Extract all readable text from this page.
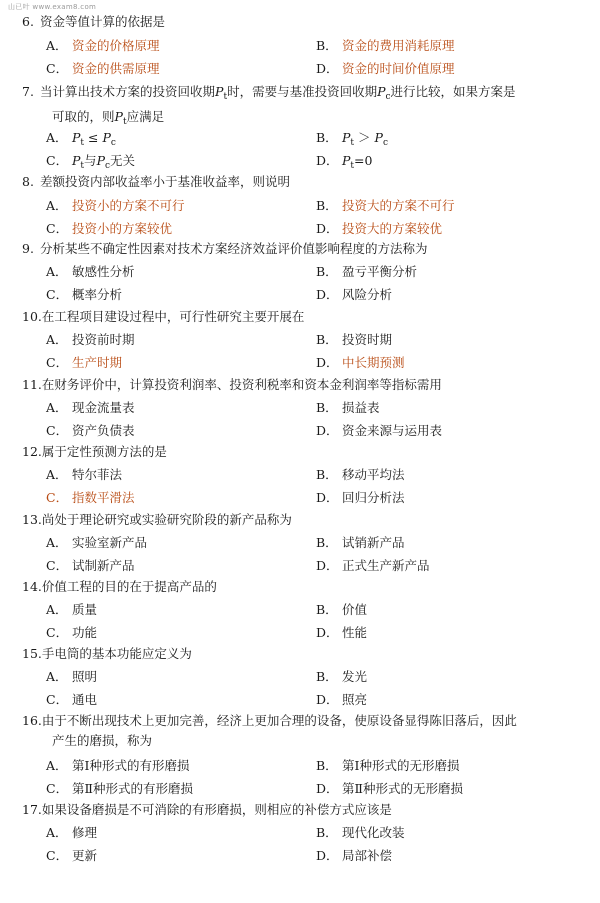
山已叶 www.exam8.com
6. 资金等值计算的依据是
A． 资金的价格原理	B． 资金的费用消耗原理
C． 资金的供需原理	D． 资金的时间价值原理
7. 当计算出技术方案的投资回收期$P_t$时，需要与基准投资回收期$P_c$进行比较，如果方案是
可取的，则$P_t$应满足
A． $P_t \le P_c$	B． $P_t > P_c$
C． $P_t$与$P_c$无关	D． $P_t=0$
8. 差额投资内部收益率小于基准收益率，则说明
A． 投资小的方案不可行	B． 投资大的方案不可行
C． 投资小的方案较优	D． 投资大的方案较优
9. 分析某些不确定性因素对技术方案经济效益评价值影响程度的方法称为
A． 敏感性分析	B． 盈亏平衡分析
C． 概率分析	D． 风险分析
10.在工程项目建设过程中，可行性研究主要开展在
A． 投资前时期	B． 投资时期
C． 生产时期	D． 中长期预测
11.在财务评价中，计算投资利润率、投资利税率和资本金利润率等指标需用
A． 现金流量表	B． 损益表
C． 资产负债表	D． 资金来源与运用表
12.属于定性预测方法的是
A． 特尔菲法	B． 移动平均法
C． 指数平滑法	D． 回归分析法
13.尚处于理论研究或实验研究阶段的新产品称为
A． 实验室新产品	B． 试销新产品
C． 试制新产品	D． 正式生产新产品
14.价值工程的目的在于提高产品的
A． 质量	B． 价值
C． 功能	D． 性能
15.手电筒的基本功能应定义为
A． 照明	B． 发光
C． 通电	D． 照亮
16.由于不断出现技术上更加完善，经济上更加合理的设备，使原设备显得陈旧落后，因此
产生的磨损，称为
A． 第Ⅰ种形式的有形磨损	B． 第Ⅰ种形式的无形磨损
C． 第Ⅱ种形式的有形磨损	D． 第Ⅱ种形式的无形磨损
17.如果设备磨损是不可消除的有形磨损，则相应的补偿方式应该是
A． 修理	B． 现代化改装
C． 更新	D． 局部补偿
